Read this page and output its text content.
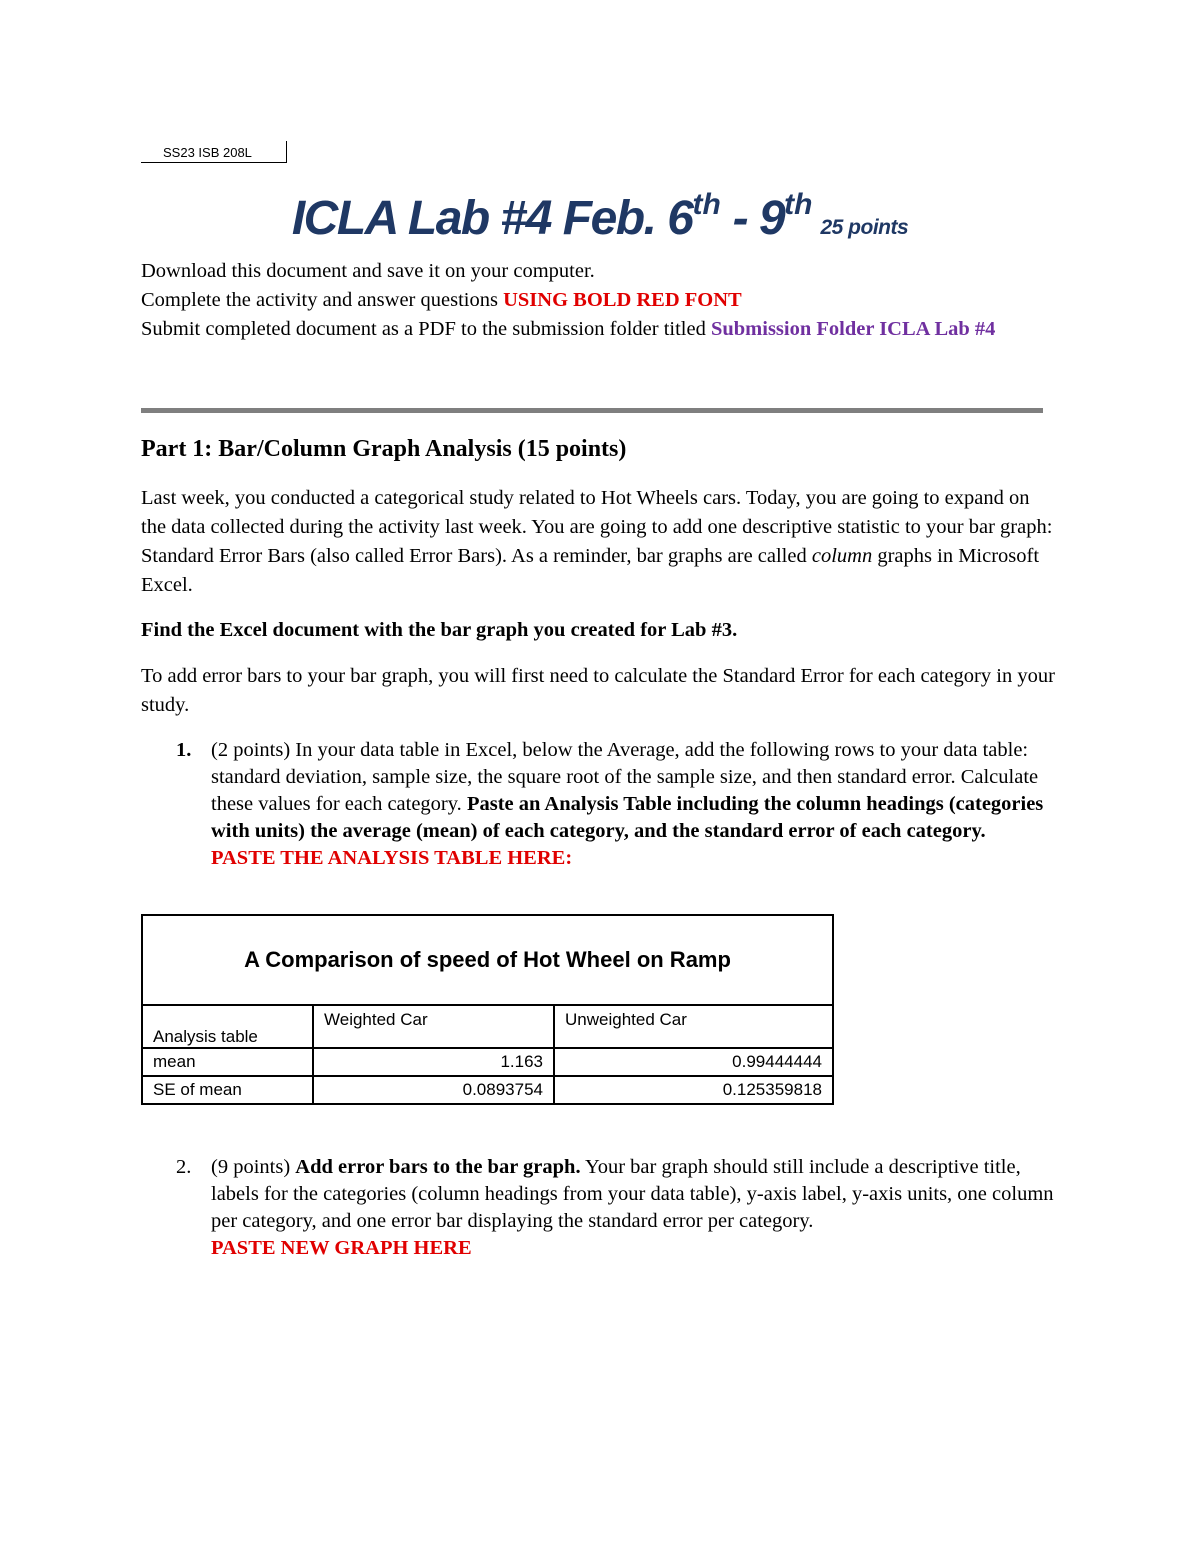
SS23 ISB 208L
ICLA Lab #4 Feb. 6th - 9th25 points
Download this document and save it on your computer.
Complete the activity and answer questions USING BOLD RED FONT
Submit completed document as a PDF to the submission folder titled Submission Folder ICLA Lab #4
Part 1: Bar/Column Graph Analysis (15 points)
Last week, you conducted a categorical study related to Hot Wheels cars. Today, you are going to expand on the data collected during the activity last week. You are going to add one descriptive statistic to your bar graph: Standard Error Bars (also called Error Bars). As a reminder, bar graphs are called column graphs in Microsoft Excel.
Find the Excel document with the bar graph you created for Lab #3.
To add error bars to your bar graph, you will first need to calculate the Standard Error for each category in your study.
1. (2 points) In your data table in Excel, below the Average, add the following rows to your data table: standard deviation, sample size, the square root of the sample size, and then standard error. Calculate these values for each category. Paste an Analysis Table including the column headings (categories with units) the average (mean) of each category, and the standard error of each category.
PASTE THE ANALYSIS TABLE HERE:
A Comparison of speed of Hot Wheel on Ramp		
Analysis table	Weighted Car	Unweighted Car
mean	1.163	0.99444444
SE of mean	0.0893754	0.125359818
2. (9 points) Add error bars to the bar graph. Your bar graph should still include a descriptive title, labels for the categories (column headings from your data table), y-axis label, y-axis units, one column per category, and one error bar displaying the standard error per category.
PASTE NEW GRAPH HERE
